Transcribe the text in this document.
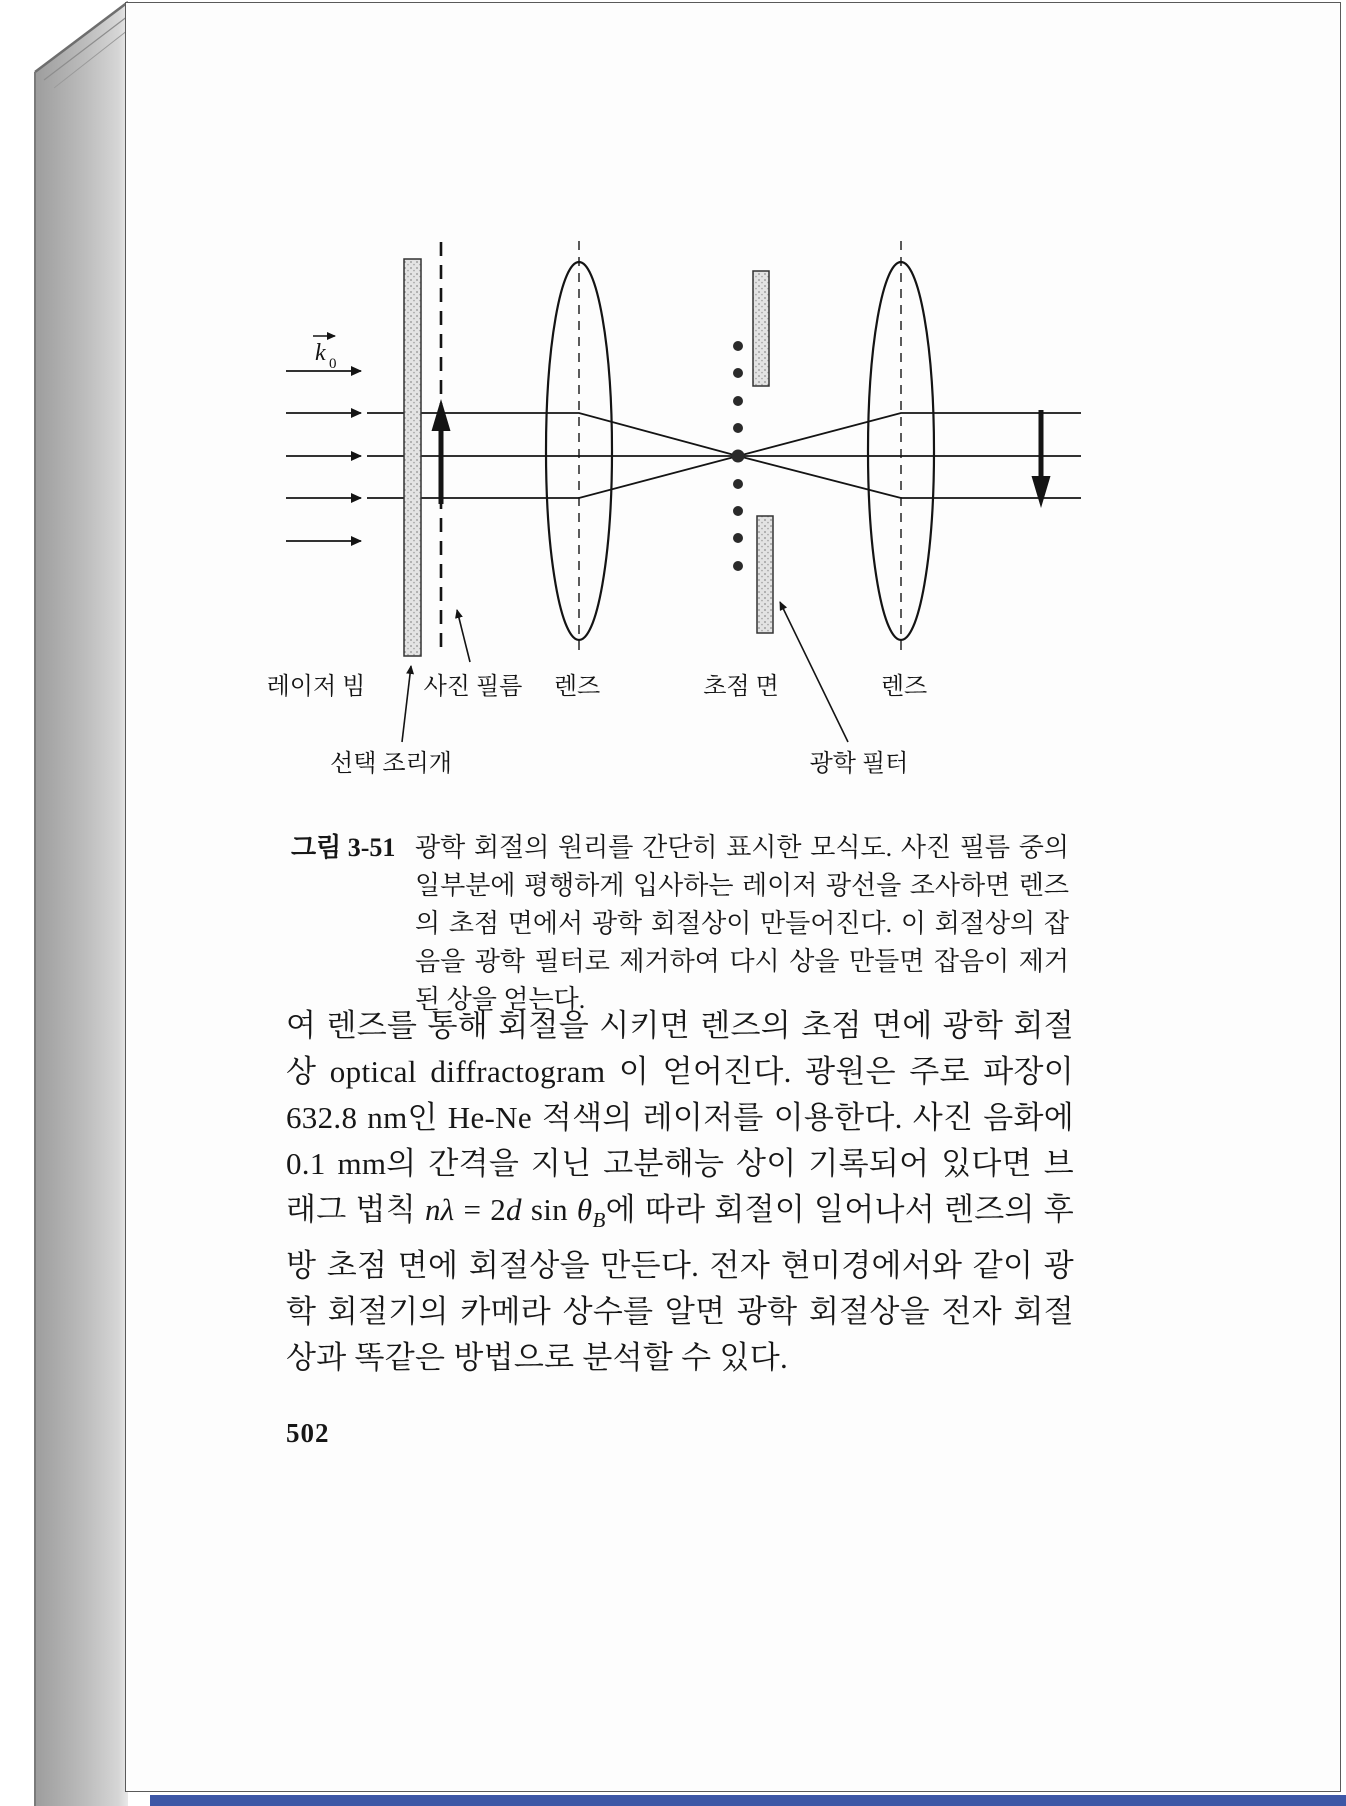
k 0
레이저 빔 사진 필름 렌즈	초점 면	렌즈
선택 조리개	광학 필터
그림 3-51 광학 회절의 원리를 간단히 표시한 모식도. 사진 필름 중의 일부분에 평행하게 입사하는 레이저 광선을 조사하면 렌즈의 초점 면에서 광학 회절상이 만들어진다. 이 회절상의 잡음을 광학 필터로 제거하여 다시 상을 만들면 잡음이 제거된 상을 얻는다.

여 렌즈를 통해 회절을 시키면 렌즈의 초점 면에 광학 회절상 optical diffractogram 이 얻어진다. 광원은 주로 파장이 632.8 nm인 He-Ne 적색의 레이저를 이용한다. 사진 음화에 0.1 mm의 간격을 지닌 고분해능 상이 기록되어 있다면 브래그 법칙 nλ = 2d $\sin \theta_B$에 따라 회절이 일어나서 렌즈의 후방 초점 면에 회절상을 만든다. 전자 현미경에서와 같이 광학 회절기의 카메라 상수를 알면 광학 회절상을 전자 회절상과 똑같은 방법으로 분석할 수 있다.

502
